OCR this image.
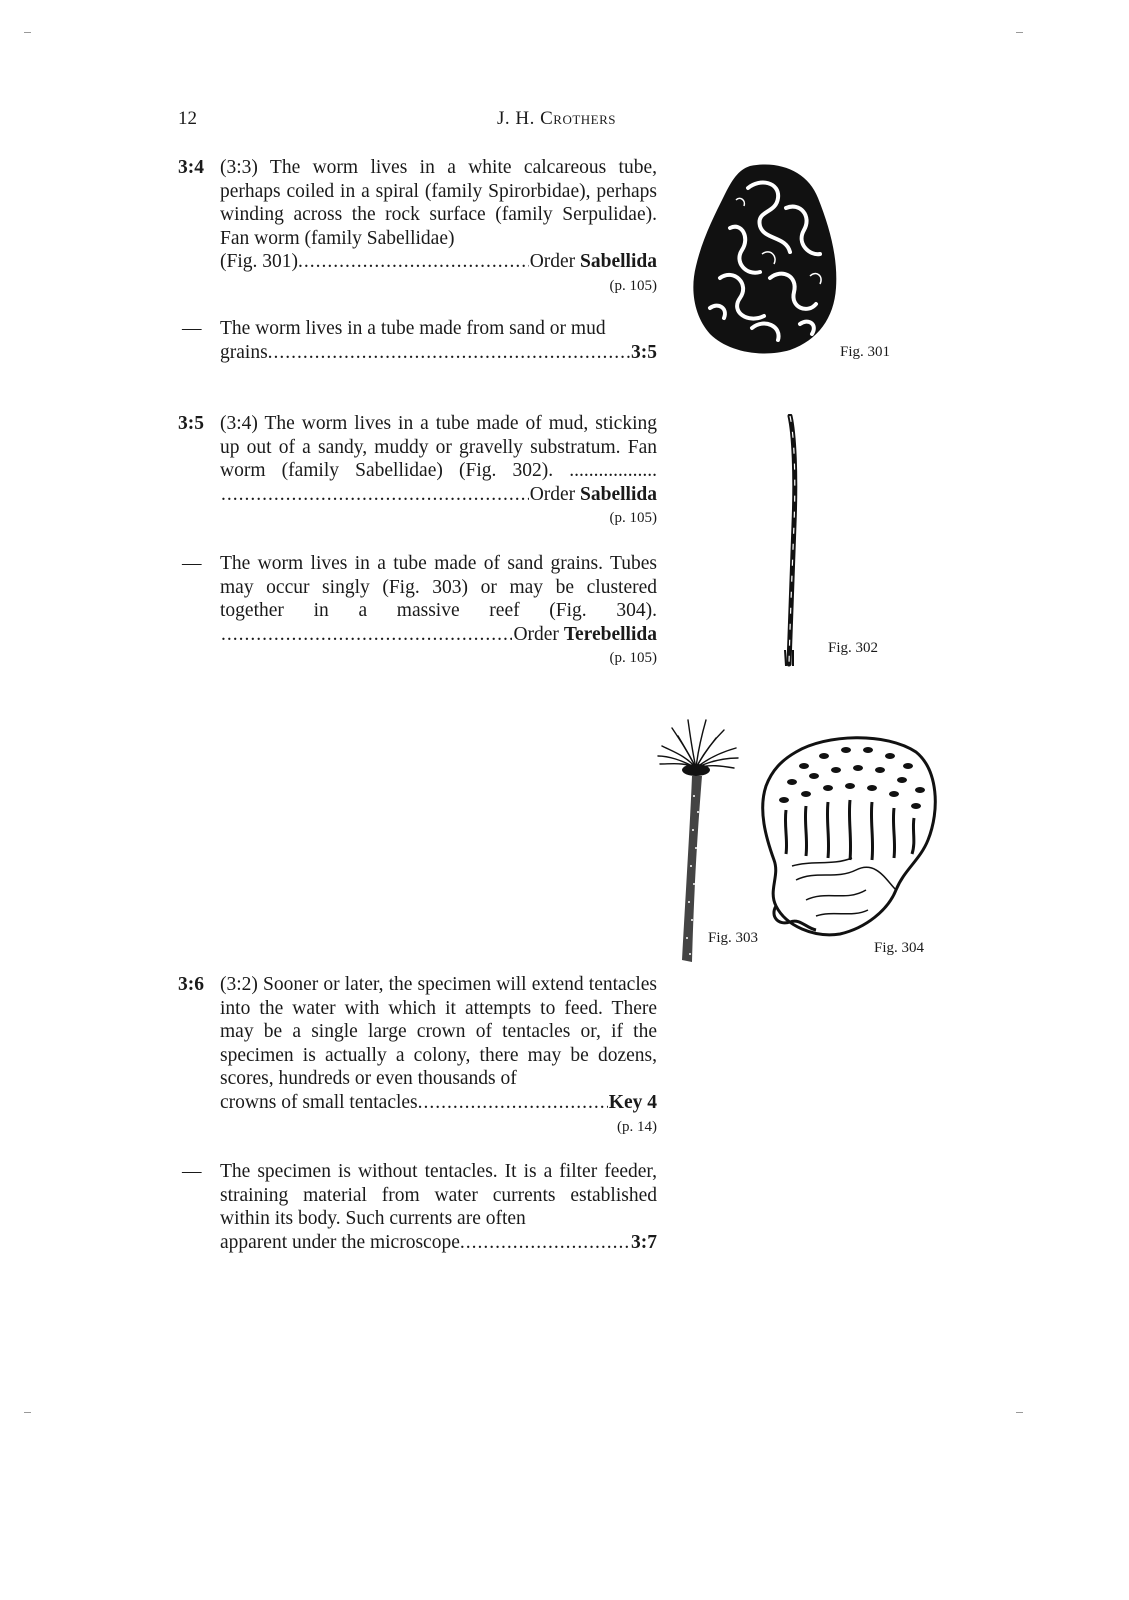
12	J. H. Crothers
3:4 (3:3) The worm lives in a white calcareous tube, perhaps coiled in a spiral (family Spirorbidae), perhaps winding across the rock surface (family Serpulidae). Fan worm (family Sabellidae)
(Fig. 301). .....	Order Sabellida
(p. 105)
— The worm lives in a tube made from sand or mud
grains. .....	3:5
3:5 (3:4) The worm lives in a tube made of mud, sticking up out of a sandy, muddy or gravelly substratum. Fan worm (family Sabellidae) (Fig. 302). ..................
.....
Order Sabellida
(p. 105)
— The worm lives in a tube made of sand grains. Tubes may occur singly (Fig. 303) or may be clustered together in a massive reef (Fig. 304).
.....
Order Terebellida
(p. 105)
3:6 (3:2) Sooner or later, the specimen will extend tentacles into the water with which it attempts to feed. There may be a single large crown of tentacles or, if the specimen is actually a colony, there may be dozens, scores, hundreds or even thousands of
crowns of small tentacles. .....	Key 4
(p. 14)
— The specimen is without tentacles. It is a filter feeder, straining material from water currents established within its body. Such currents are often
apparent under the microscope. .....	3:7
Fig. 301
Fig. 302
Fig. 303
Fig. 304
